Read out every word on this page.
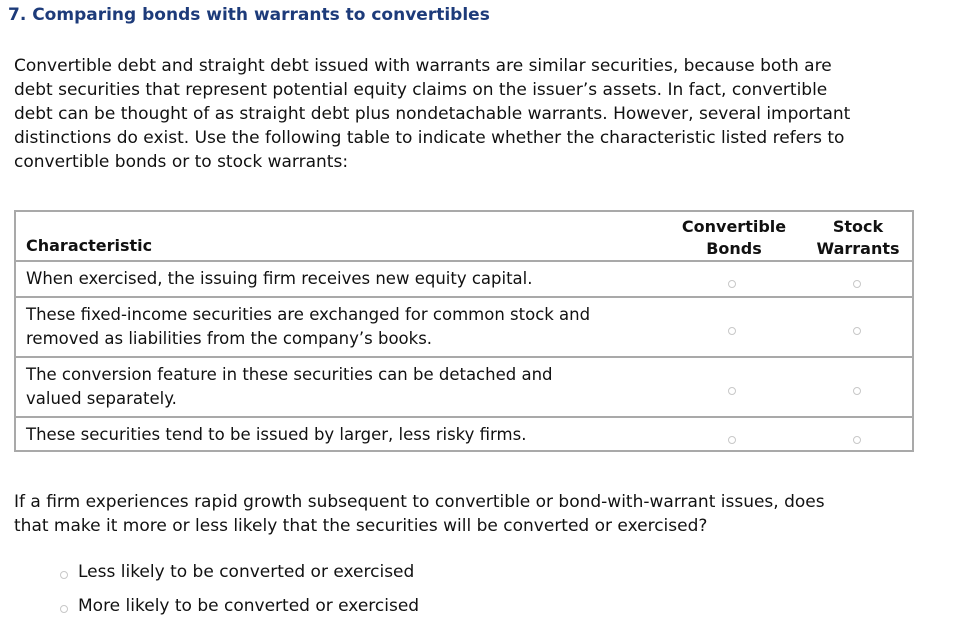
7. Comparing bonds with warrants to convertibles
Convertible debt and straight debt issued with warrants are similar securities, because both are
debt securities that represent potential equity claims on the issuer’s assets. In fact, convertible
debt can be thought of as straight debt plus nondetachable warrants. However, several important
distinctions do exist. Use the following table to indicate whether the characteristic listed refers to
convertible bonds or to stock warrants:
Characteristic
Convertible
Bonds
Stock
Warrants
When exercised, the issuing firm receives new equity capital.
These fixed-income securities are exchanged for common stock and
removed as liabilities from the company’s books.
The conversion feature in these securities can be detached and
valued separately.
These securities tend to be issued by larger, less risky firms.
If a firm experiences rapid growth subsequent to convertible or bond-with-warrant issues, does
that make it more or less likely that the securities will be converted or exercised?
Less likely to be converted or exercised
More likely to be converted or exercised
